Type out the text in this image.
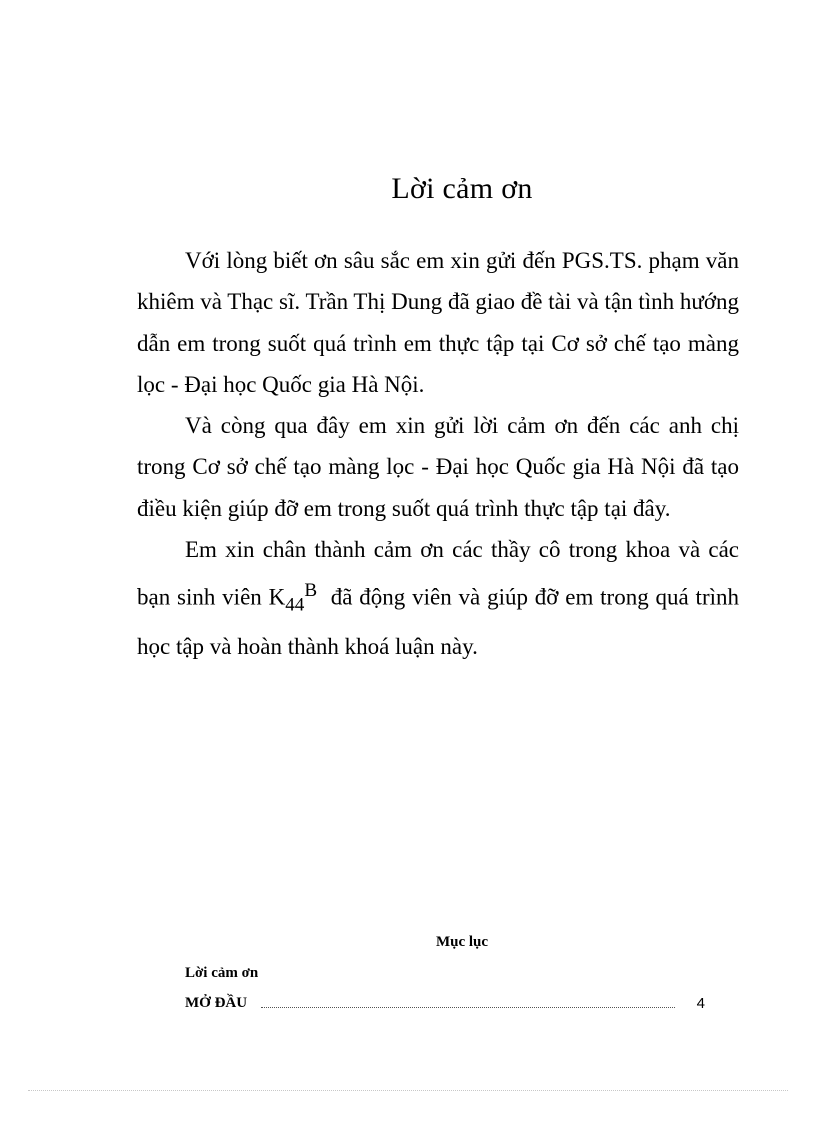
Lời cảm ơn

Với lòng biết ơn sâu sắc em xin gửi đến PGS.TS. phạm văn khiêm và Thạc sĩ. Trần Thị Dung đã giao đề tài và tận tình hướng dẫn em trong suốt quá trình em thực tập tại Cơ sở chế tạo màng lọc - Đại học Quốc gia Hà Nội.

Và còng qua đây em xin gửi lời cảm ơn đến các anh chị trong Cơ sở chế tạo màng lọc - Đại học Quốc gia Hà Nội đã tạo điều kiện giúp đỡ em trong suốt quá trình thực tập tại đây.

Em xin chân thành cảm ơn các thầy cô trong khoa và các bạn sinh viên $K_{44}^B$  đã động viên và giúp đỡ em trong quá trình học tập và hoàn thành khoá luận này.

Mục lục

Lời cảm ơn
MỞ ĐẦU	4
